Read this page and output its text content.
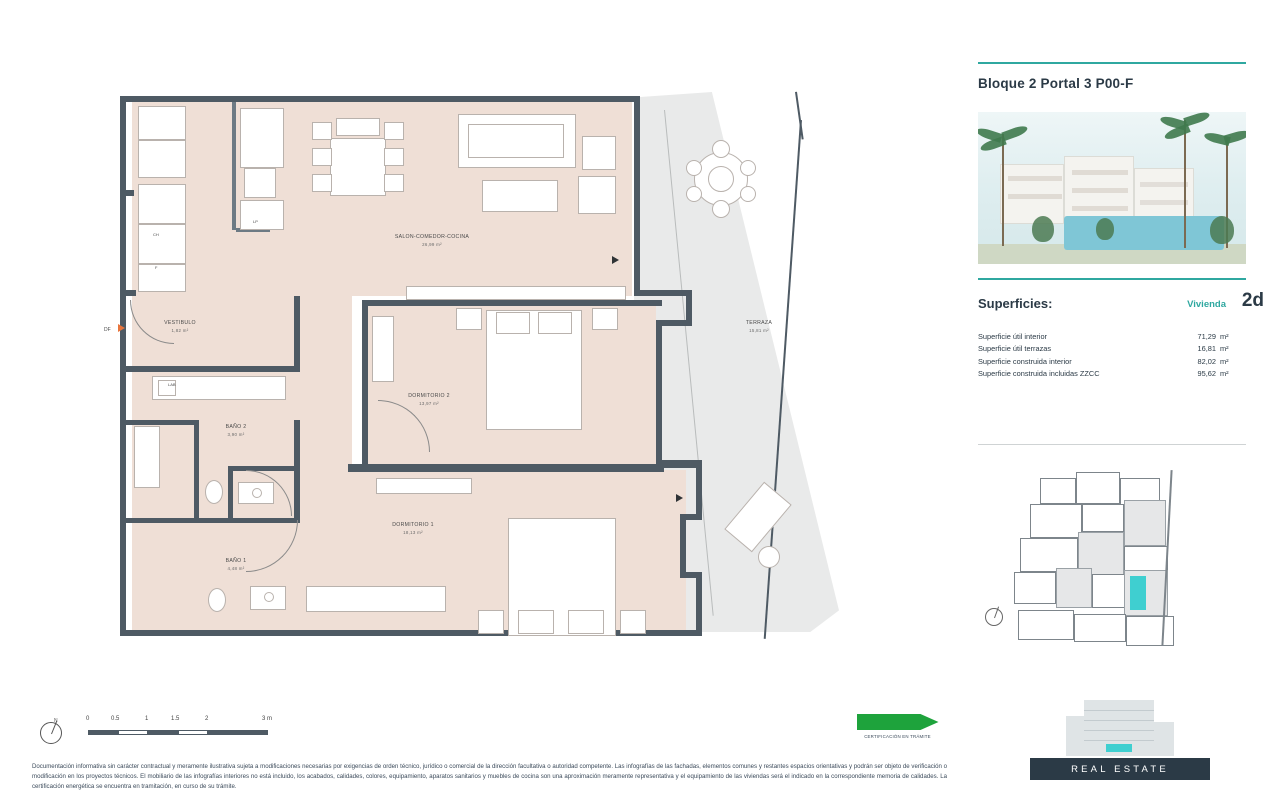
CH
F
LP
LAB
DF
SALON-COMEDOR-COCINA
26,99 m²
VESTIBULO
1,82 m²
DORMITORIO 2
13,97 m²
DORMITORIO 1
18,13 m²
BAÑO 2
3,90 m²
BAÑO 1
4,48 m²
TERRAZA
15,81 m²
N	0	0.5	1	1.5	2	3 m
CERTIFICACIÓN EN TRÁMITE
Documentación informativa sin carácter contractual y meramente ilustrativa sujeta a modificaciones necesarias por exigencias de orden técnico, jurídico o comercial de la dirección facultativa o autoridad competente. Las infografías de las fachadas, elementos comunes y restantes espacios orientativas y podrán ser objeto de verificación o modificación en los proyectos técnicos. El mobiliario de las infografías interiores no está incluido, los acabados, calidades, colores, equipamiento, aparatos sanitarios y muebles de cocina son una aproximación meramente representativa y el equipamiento de las viviendas será el indicado en la correspondiente memoria de calidades. La certificación energética se encuentra en tramitación, en curso de su trámite.
Bloque 2 Portal 3 P00-F
Superficies:	Vivienda 2d
Superficie útil interior	71,29 m²
Superficie útil terrazas	16,81 m²
Superficie construida interior	82,02 m²
Superficie construida incluidas ZZCC	95,62 m²
REAL ESTATE
